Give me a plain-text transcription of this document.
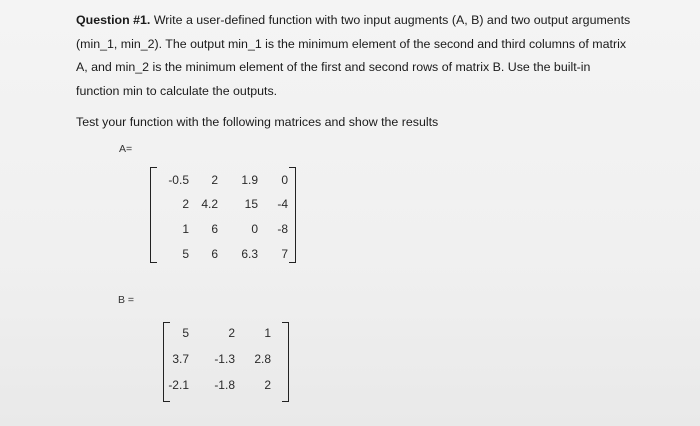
Question #1. Write a user-defined function with two input augments (A, B) and two output arguments (min_1, min_2). The output min_1 is the minimum element of the second and third columns of matrix A, and min_2 is the minimum element of the first and second rows of matrix B. Use the built-in function min to calculate the outputs.
Test your function with the following matrices and show the results
A=
-0.5 2 1.9 0
2 4.2 15 -4
1 6	0 -8
5 6 6.3 7
B =
5	2 1
3.7 -1.3 2.8
-2.1 -1.8 2
